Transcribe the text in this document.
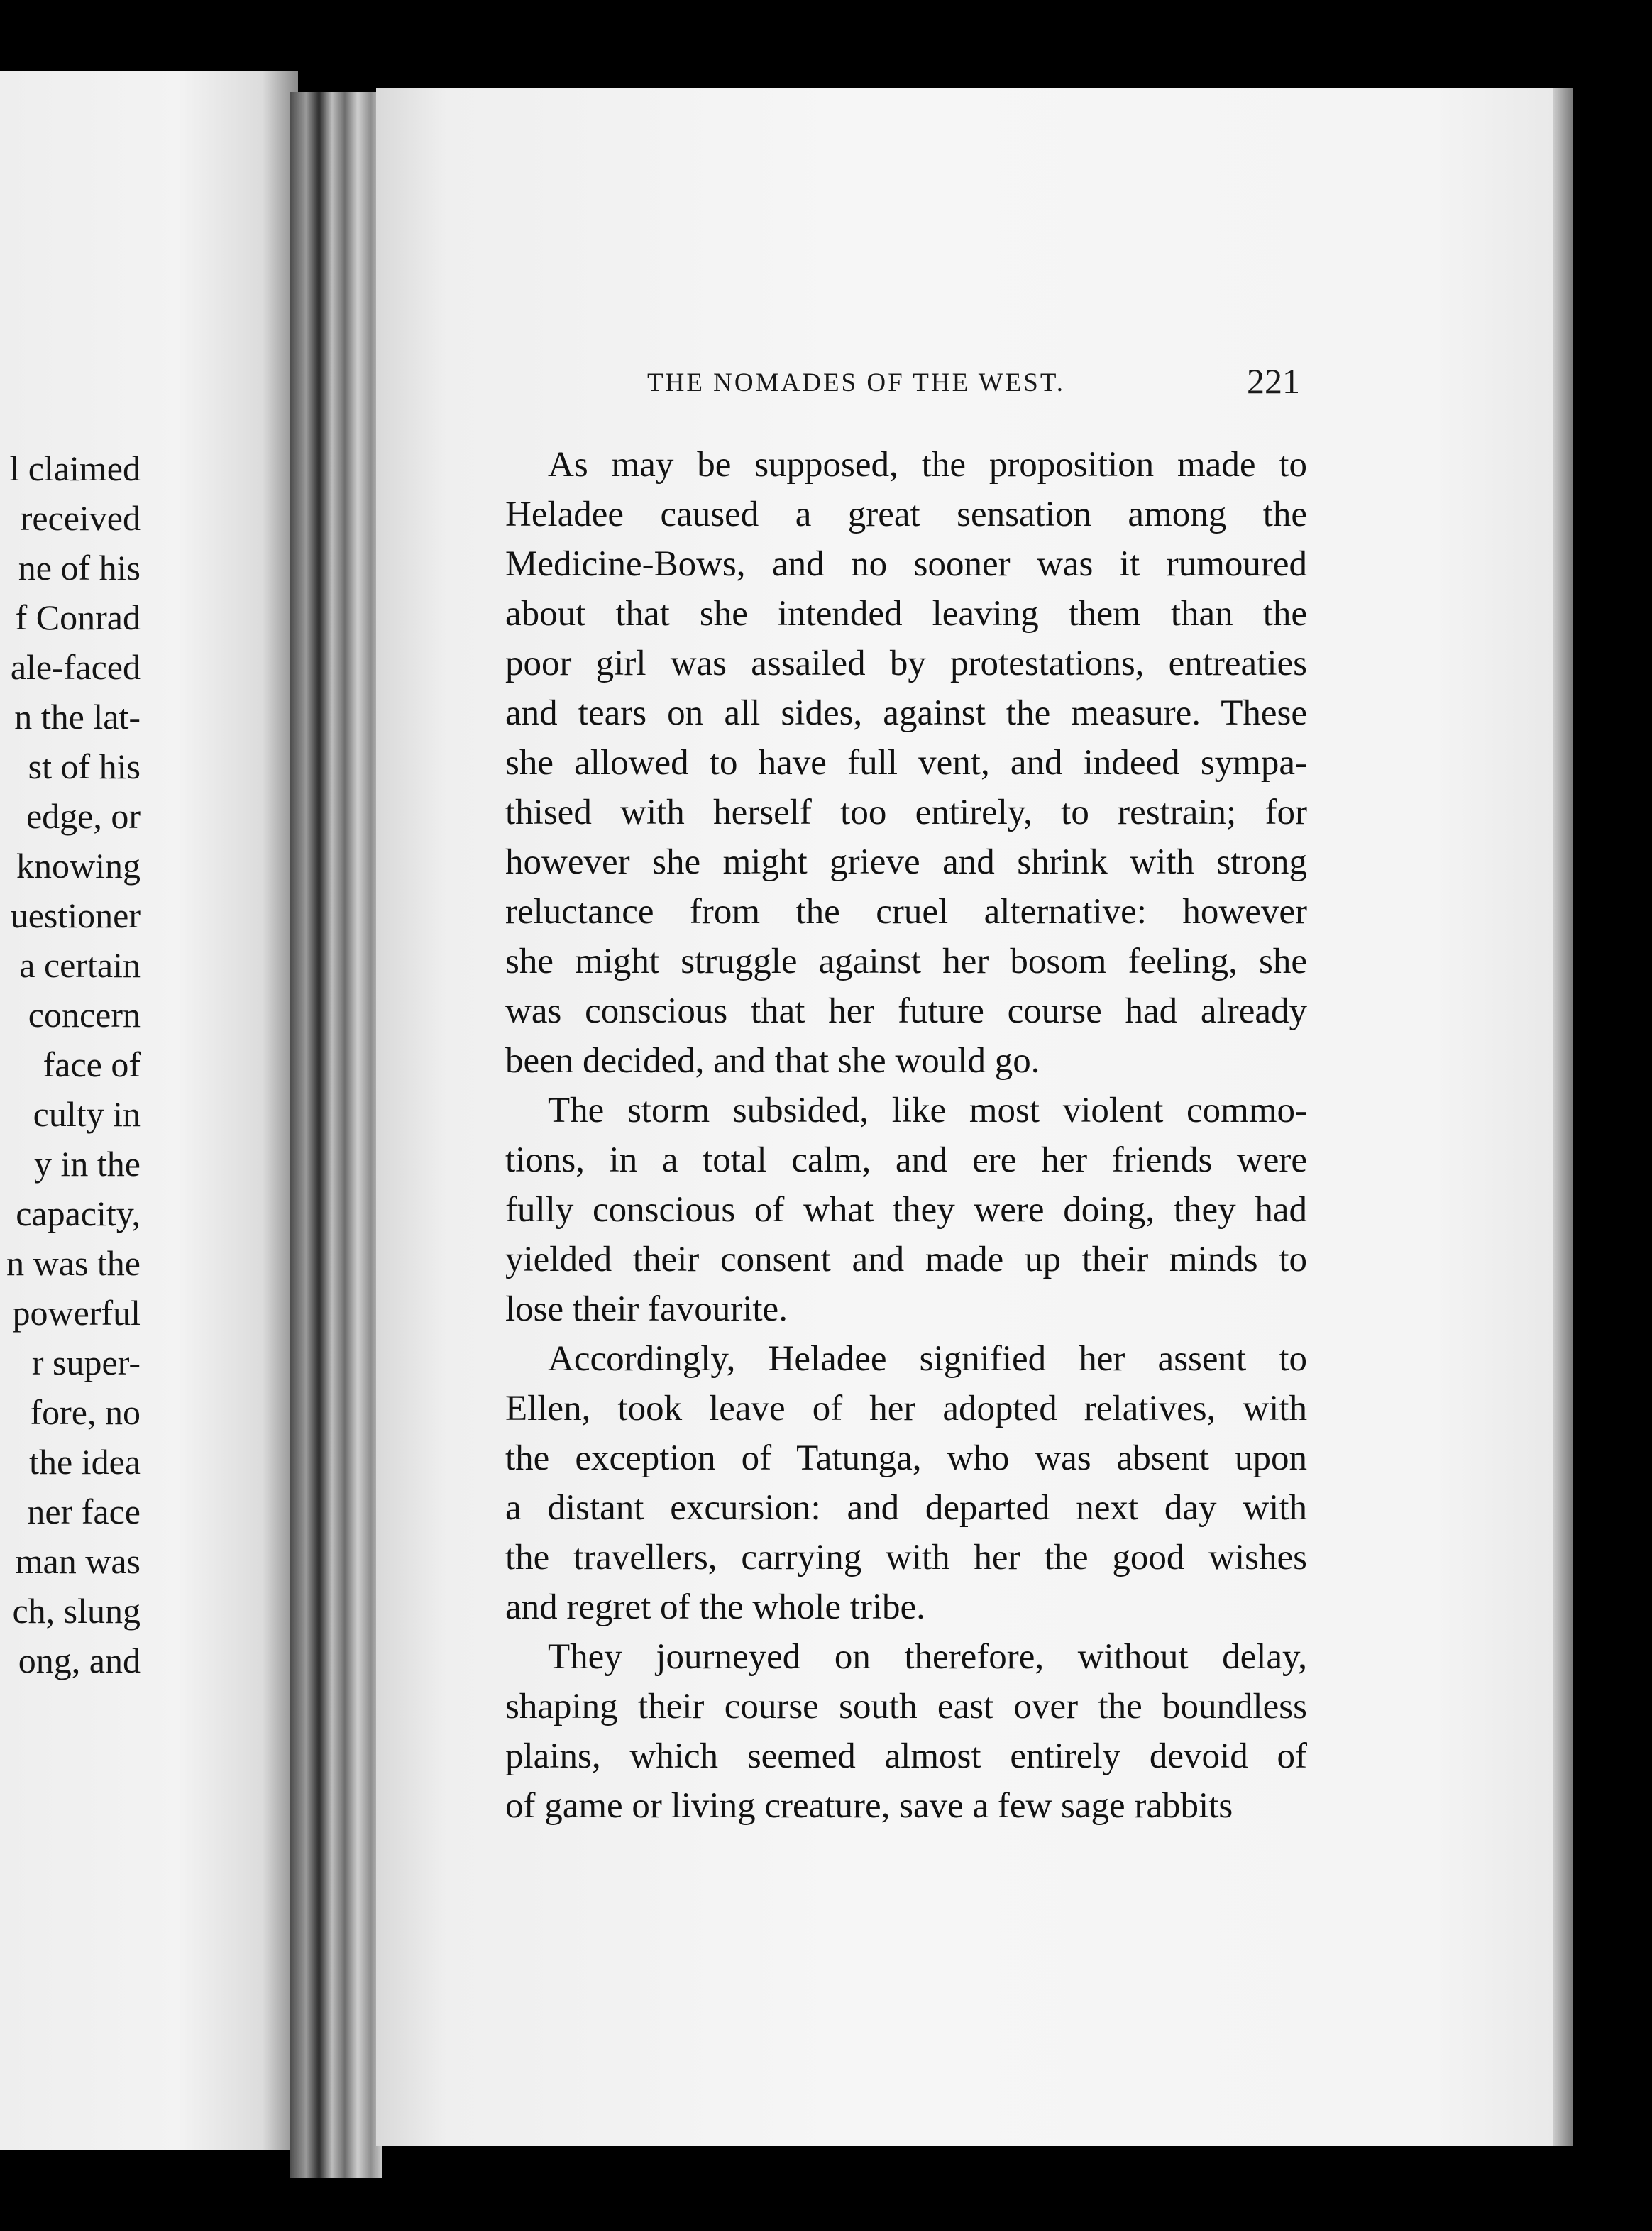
l claimed
received
ne of his
f Conrad
ale-faced
n the lat-
st of his
edge, or
knowing
uestioner
a certain
concern
face of
culty in
y in the
capacity,
n was the
powerful
r super-
fore, no
the idea
ner face
man was
ch, slung
ong, and
THE NOMADES OF THE WEST.	221
As may be supposed, the proposition made to
Heladee caused a great sensation among the
Medicine-Bows, and no sooner was it rumoured
about that she intended leaving them than the
poor girl was assailed by protestations, entreaties
and tears on all sides, against the measure. These
she allowed to have full vent, and indeed sympa-
thised with herself too entirely, to restrain; for
however she might grieve and shrink with strong
reluctance from the cruel alternative: however
she might struggle against her bosom feeling, she
was conscious that her future course had already
been decided, and that she would go.
The storm subsided, like most violent commo-
tions, in a total calm, and ere her friends were
fully conscious of what they were doing, they had
yielded their consent and made up their minds to
lose their favourite.
Accordingly, Heladee signified her assent to
Ellen, took leave of her adopted relatives, with
the exception of Tatunga, who was absent upon
a distant excursion: and departed next day with
the travellers, carrying with her the good wishes
and regret of the whole tribe.
They journeyed on therefore, without delay,
shaping their course south east over the boundless
plains, which seemed almost entirely devoid of
of game or living creature, save a few sage rabbits
